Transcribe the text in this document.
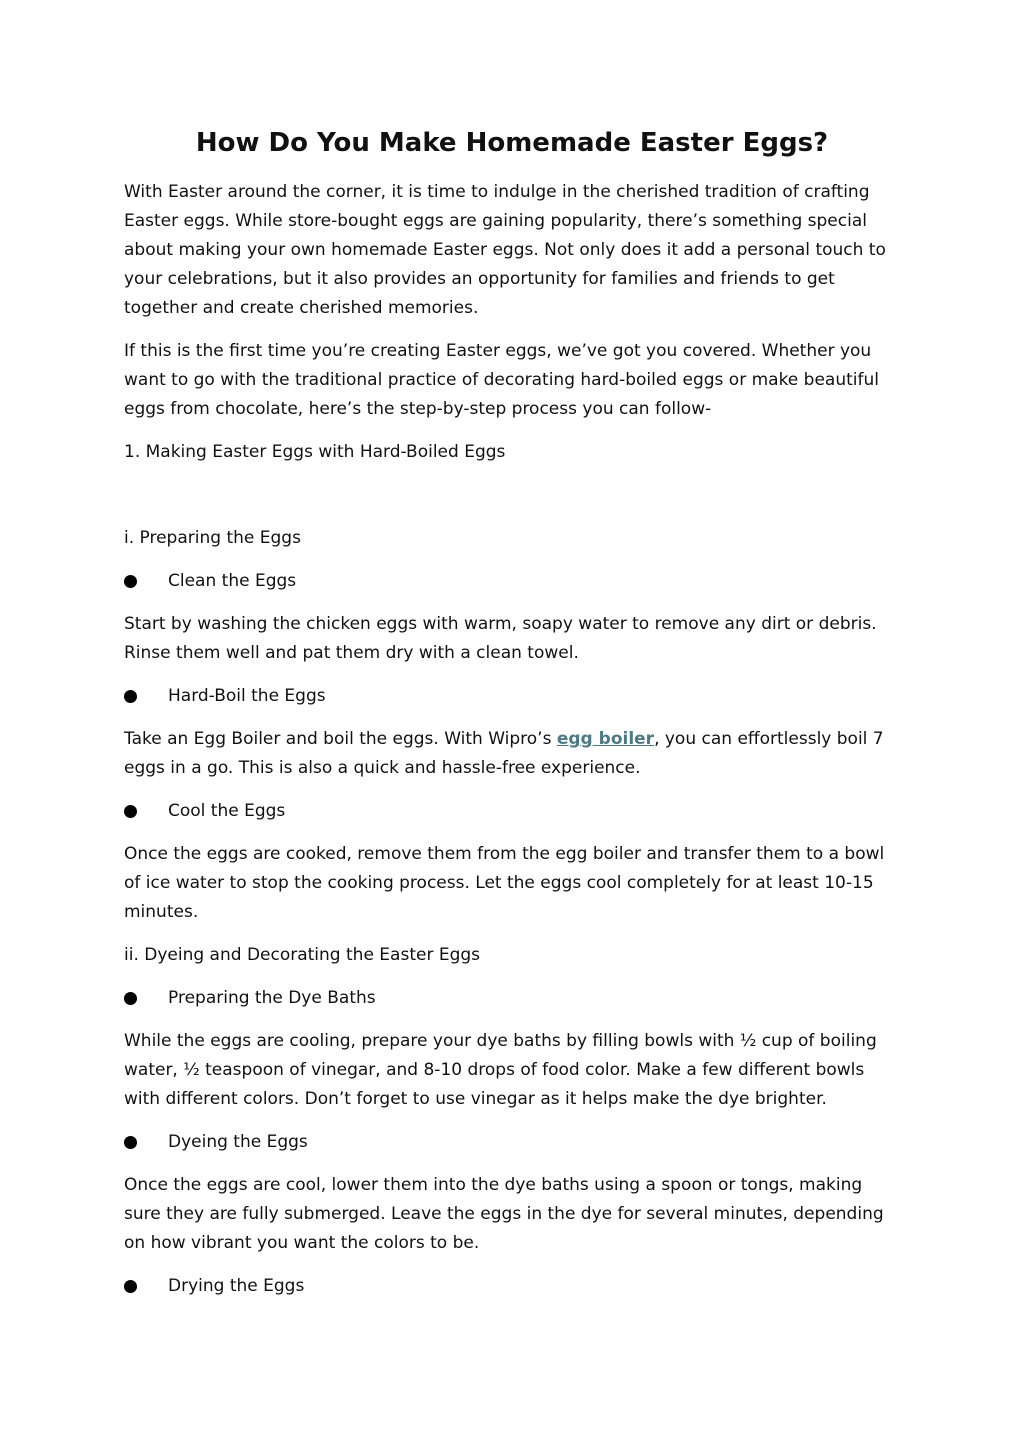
How Do You Make Homemade Easter Eggs?

With Easter around the corner, it is time to indulge in the cherished tradition of crafting Easter eggs. While store-bought eggs are gaining popularity, there’s something special about making your own homemade Easter eggs. Not only does it add a personal touch to your celebrations, but it also provides an opportunity for families and friends to get together and create cherished memories.

If this is the first time you’re creating Easter eggs, we’ve got you covered. Whether you want to go with the traditional practice of decorating hard-boiled eggs or make beautiful eggs from chocolate, here’s the step-by-step process you can follow-

1. Making Easter Eggs with Hard-Boiled Eggs

i. Preparing the Eggs

Clean the Eggs

Start by washing the chicken eggs with warm, soapy water to remove any dirt or debris. Rinse them well and pat them dry with a clean towel.

Hard-Boil the Eggs

Take an Egg Boiler and boil the eggs. With Wipro’s egg boiler, you can effortlessly boil 7 eggs in a go. This is also a quick and hassle-free experience.

Cool the Eggs

Once the eggs are cooked, remove them from the egg boiler and transfer them to a bowl of ice water to stop the cooking process. Let the eggs cool completely for at least 10-15 minutes.

ii. Dyeing and Decorating the Easter Eggs

Preparing the Dye Baths

While the eggs are cooling, prepare your dye baths by filling bowls with ½ cup of boiling water, ½ teaspoon of vinegar, and 8-10 drops of food color. Make a few different bowls with different colors. Don’t forget to use vinegar as it helps make the dye brighter.

Dyeing the Eggs

Once the eggs are cool, lower them into the dye baths using a spoon or tongs, making sure they are fully submerged. Leave the eggs in the dye for several minutes, depending on how vibrant you want the colors to be.

Drying the Eggs
